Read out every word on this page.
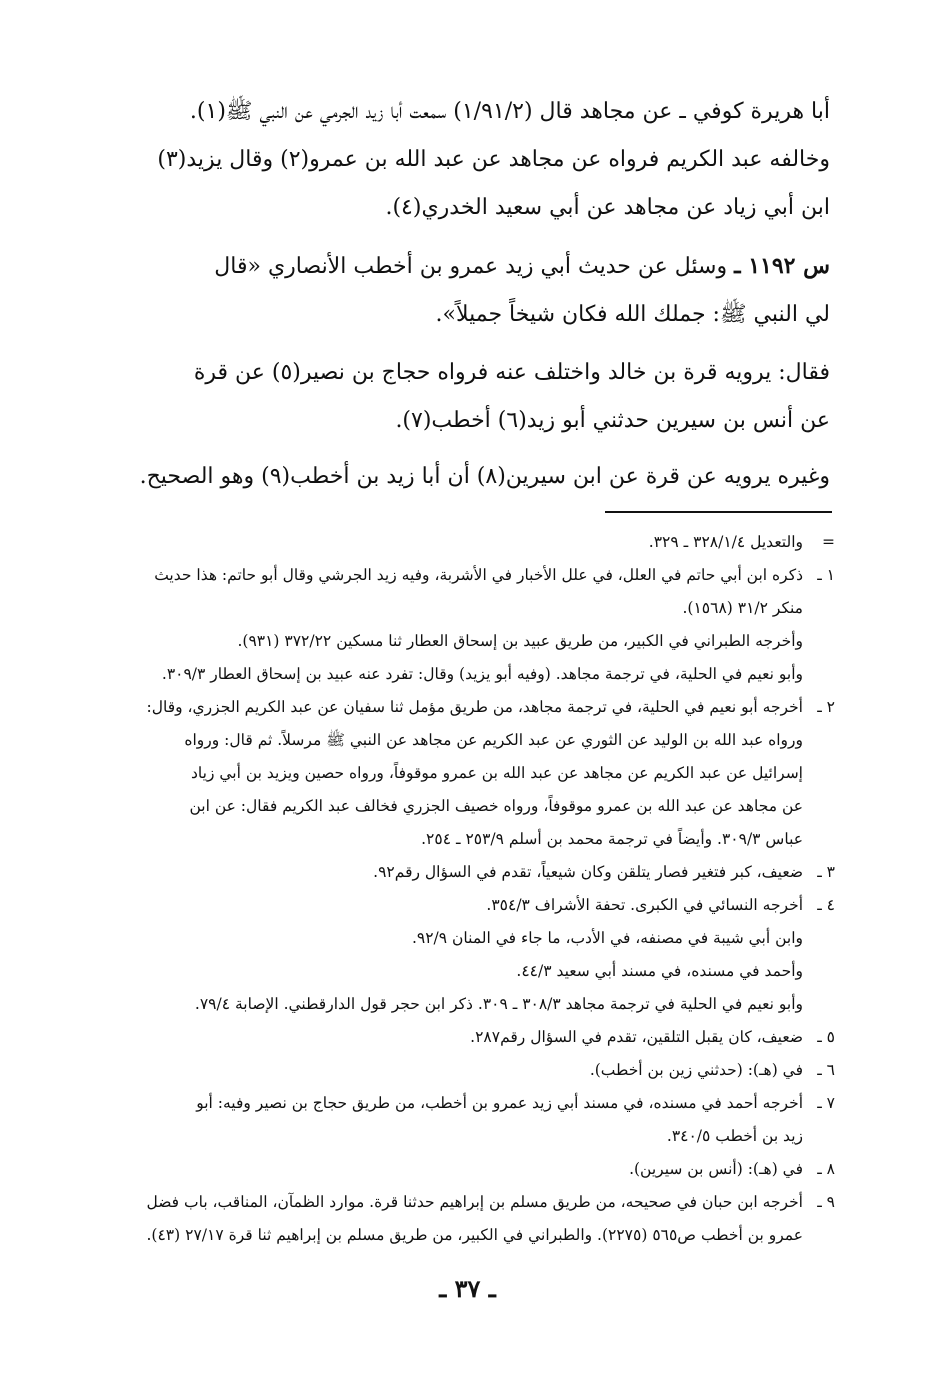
أبا هريرة كوفي ـ عن مجاهد قال (١/٩١/٢) سمعت أبا زيد الجرمي عن النبي ﷺ(١).
وخالفه عبد الكريم فرواه عن مجاهد عن عبد الله بن عمرو(٢) وقال يزيد(٣)
ابن أبي زياد عن مجاهد عن أبي سعيد الخدري(٤).
س ١١٩٢ ـ وسئل عن حديث أبي زيد عمرو بن أخطب الأنصاري «قال
لي النبي ﷺ: جملك الله فكان شيخاً جميلاً».
فقال: يرويه قرة بن خالد واختلف عنه فرواه حجاج بن نصير(٥) عن قرة
عن أنس بن سيرين حدثني أبو زيد(٦) أخطب(٧).
وغيره يرويه عن قرة عن ابن سيرين(٨) أن أبا زيد بن أخطب(٩) وهو الصحيح.
=
والتعديل ٣٢٨/١/٤ ـ ٣٢٩.
١ ـ
ذكره ابن أبي حاتم في العلل، في علل الأخبار في الأشربة، وفيه زيد الجرشي وقال أبو حاتم: هذا حديث
منكر ٣١/٢ (١٥٦٨).
وأخرجه الطبراني في الكبير، من طريق عبيد بن إسحاق العطار ثنا مسكين ٣٧٢/٢٢ (٩٣١).
وأبو نعيم في الحلية، في ترجمة مجاهد. (وفيه أبو يزيد) وقال: تفرد عنه عبيد بن إسحاق العطار ٣٠٩/٣.
٢ ـ
أخرجه أبو نعيم في الحلية، في ترجمة مجاهد، من طريق مؤمل ثنا سفيان عن عبد الكريم الجزري، وقال:
ورواه عبد الله بن الوليد عن الثوري عن عبد الكريم عن مجاهد عن النبي ﷺ مرسلاً. ثم قال: ورواه
إسرائيل عن عبد الكريم عن مجاهد عن عبد الله بن عمرو موقوفاً، ورواه حصين ويزيد بن أبي زياد
عن مجاهد عن عبد الله بن عمرو موقوفاً، ورواه خصيف الجزري فخالف عبد الكريم فقال: عن ابن
عباس ٣٠٩/٣. وأيضاً في ترجمة محمد بن أسلم ٢٥٣/٩ ـ ٢٥٤.
٣ ـ
ضعيف، كبر فتغير فصار يتلقن وكان شيعياً، تقدم في السؤال رقم٩٢.
٤ ـ
أخرجه النسائي في الكبرى. تحفة الأشراف ٣٥٤/٣.
وابن أبي شيبة في مصنفه، في الأدب، ما جاء في المنان ٩٢/٩.
وأحمد في مسنده، في مسند أبي سعيد ٤٤/٣.
وأبو نعيم في الحلية في ترجمة مجاهد ٣٠٨/٣ ـ ٣٠٩. ذكر ابن حجر قول الدارقطني. الإصابة ٧٩/٤.
٥ ـ
ضعيف، كان يقبل التلقين، تقدم في السؤال رقم٢٨٧.
٦ ـ
في (هـ): (حدثني زين بن أخطب).
٧ ـ
أخرجه أحمد في مسنده، في مسند أبي زيد عمرو بن أخطب، من طريق حجاج بن نصير وفيه: أبو
زيد بن أخطب ٣٤٠/٥.
٨ ـ
في (هـ): (أنس بن سيرين).
٩ ـ
أخرجه ابن حبان في صحيحه، من طريق مسلم بن إبراهيم حدثنا قرة. موارد الظمآن، المناقب، باب فضل
عمرو بن أخطب ص٥٦٥ (٢٢٧٥). والطبراني في الكبير، من طريق مسلم بن إبراهيم ثنا قرة ٢٧/١٧ (٤٣).
ـ ٣٧ ـ
